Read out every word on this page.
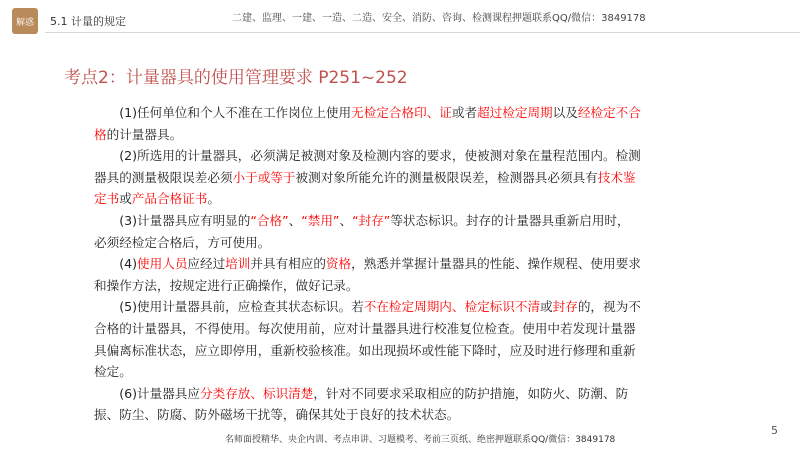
解惑	5.1 计量的规定	二建、监理、一建、一造、二造、安全、消防、咨询、检测课程押题联系QQ/微信：3849178
考点2：计量器具的使用管理要求 P251~252

(1)任何单位和个人不准在工作岗位上使用无检定合格印、证或者超过检定周期以及经检定不合格的计量器具。

(2)所选用的计量器具，必须满足被测对象及检测内容的要求，使被测对象在量程范围内。检测器具的测量极限误差必须小于或等于被测对象所能允许的测量极限误差，检测器具必须具有技术鉴定书或产品合格证书。

(3)计量器具应有明显的“合格”、“禁用”、“封存”等状态标识。封存的计量器具重新启用时，必须经检定合格后，方可使用。

(4)使用人员应经过培训并具有相应的资格，熟悉并掌握计量器具的性能、操作规程、使用要求和操作方法，按规定进行正确操作，做好记录。

(5)使用计量器具前，应检查其状态标识。若不在检定周期内、检定标识不清或封存的，视为不合格的计量器具，不得使用。每次使用前，应对计量器具进行校准复位检查。使用中若发现计量器具偏离标准状态，应立即停用，重新校验核准。如出现损坏或性能下降时，应及时进行修理和重新检定。

(6)计量器具应分类存放、标识清楚，针对不同要求采取相应的防护措施，如防火、防潮、防振、防尘、防腐、防外磁场干扰等，确保其处于良好的技术状态。

名师面授精华、央企内训、考点串讲、习题模考、考前三页纸、绝密押题联系QQ/微信：3849178
5
